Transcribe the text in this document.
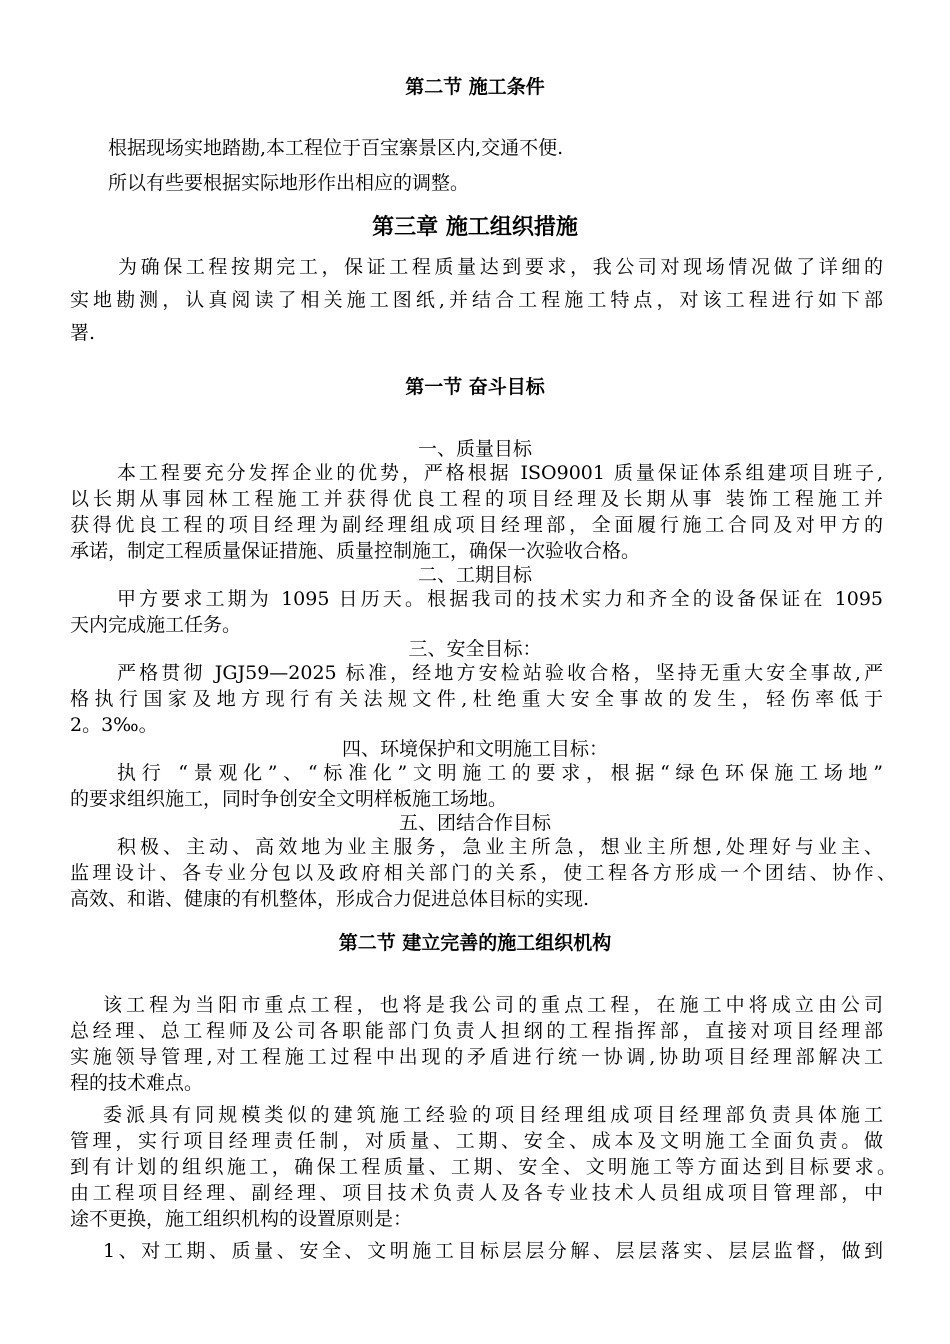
第二节 施工条件
根据现场实地踏勘,本工程位于百宝寨景区内,交通不便.
所以有些要根据实际地形作出相应的调整。
第三章 施工组织措施
为确保工程按期完工，保证工程质量达到要求，我公司对现场情况做了详细的
实地勘测，认真阅读了相关施工图纸,并结合工程施工特点，对该工程进行如下部
署.
第一节 奋斗目标
一、质量目标
本工程要充分发挥企业的优势，严格根据 ISO9001 质量保证体系组建项目班子,
以长期从事园林工程施工并获得优良工程的项目经理及长期从事 装饰工程施工并
获得优良工程的项目经理为副经理组成项目经理部，全面履行施工合同及对甲方的
承诺，制定工程质量保证措施、质量控制施工，确保一次验收合格。
二、工期目标
甲方要求工期为 1095 日历天。根据我司的技术实力和齐全的设备保证在 1095
天内完成施工任务。
三、安全目标：
严格贯彻 JGJ59—2025 标准，经地方安检站验收合格，坚持无重大安全事故,严
格执行国家及地方现行有关法规文件,杜绝重大安全事故的发生，轻伤率低于
2。3‰。
四、环境保护和文明施工目标：
执行 “景观化”、“标准化”文明施工的要求，根据“绿色环保施工场地”
的要求组织施工，同时争创安全文明样板施工场地。
五、团结合作目标
积极、主动、高效地为业主服务，急业主所急，想业主所想,处理好与业主、
监理设计、各专业分包以及政府相关部门的关系，使工程各方形成一个团结、协作、
高效、和谐、健康的有机整体，形成合力促进总体目标的实现.
第二节 建立完善的施工组织机构
该工程为当阳市重点工程，也将是我公司的重点工程，在施工中将成立由公司
总经理、总工程师及公司各职能部门负责人担纲的工程指挥部，直接对项目经理部
实施领导管理,对工程施工过程中出现的矛盾进行统一协调,协助项目经理部解决工
程的技术难点。
委派具有同规模类似的建筑施工经验的项目经理组成项目经理部负责具体施工
管理，实行项目经理责任制，对质量、工期、安全、成本及文明施工全面负责。做
到有计划的组织施工，确保工程质量、工期、安全、文明施工等方面达到目标要求。
由工程项目经理、副经理、项目技术负责人及各专业技术人员组成项目管理部，中
途不更换，施工组织机构的设置原则是：
1、对工期、质量、安全、文明施工目标层层分解、层层落实、层层监督，做到
